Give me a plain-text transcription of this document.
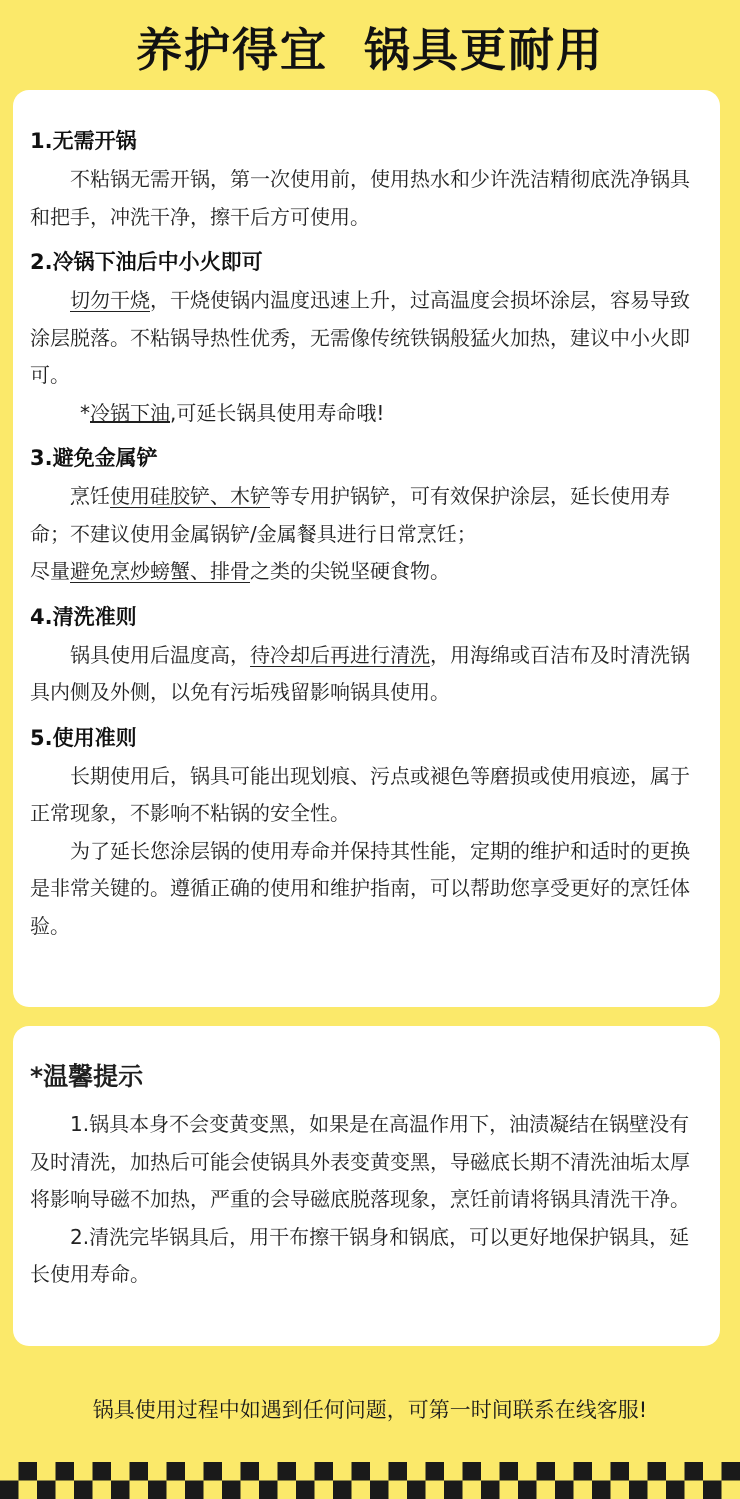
养护得宜  锅具更耐用
1.无需开锅
不粘锅无需开锅，第一次使用前，使用热水和少许洗洁精彻底洗净锅具和把手，冲洗干净，擦干后方可使用。
2.冷锅下油后中小火即可
切勿干烧，干烧使锅内温度迅速上升，过高温度会损坏涂层，容易导致涂层脱落。不粘锅导热性优秀，无需像传统铁锅般猛火加热，建议中小火即可。
*冷锅下油,可延长锅具使用寿命哦!
3.避免金属铲
烹饪使用硅胶铲、木铲等专用护锅铲，可有效保护涂层，延长使用寿命；不建议使用金属锅铲/金属餐具进行日常烹饪；
尽量避免烹炒螃蟹、排骨之类的尖锐坚硬食物。
4.清洗准则
锅具使用后温度高，待冷却后再进行清洗，用海绵或百洁布及时清洗锅具内侧及外侧，以免有污垢残留影响锅具使用。
5.使用准则
长期使用后，锅具可能出现划痕、污点或褪色等磨损或使用痕迹，属于正常现象，不影响不粘锅的安全性。
为了延长您涂层锅的使用寿命并保持其性能，定期的维护和适时的更换是非常关键的。遵循正确的使用和维护指南，可以帮助您享受更好的烹饪体验。
*温馨提示
1.锅具本身不会变黄变黑，如果是在高温作用下，油渍凝结在锅壁没有及时清洗，加热后可能会使锅具外表变黄变黑，导磁底长期不清洗油垢太厚将影响导磁不加热，严重的会导磁底脱落现象，烹饪前请将锅具清洗干净。
2.清洗完毕锅具后，用干布擦干锅身和锅底，可以更好地保护锅具，延长使用寿命。
锅具使用过程中如遇到任何问题，可第一时间联系在线客服!
